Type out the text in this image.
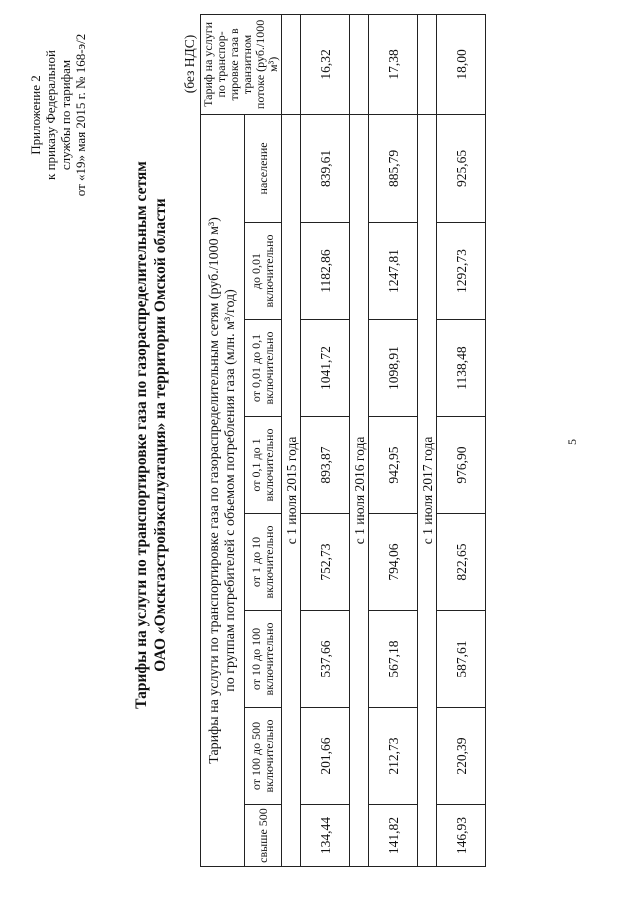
Приложение 2 к приказу Федеральной службы по тарифам от «19» мая 2015 г. № 168-э/2
Тарифы на услуги по транспортировке газа по газораспределительным сетям ОАО «Омскгазстройэксплуатация» на территории Омской области
(без НДС)
Тарифы на услуги по транспортировке газа по газораспределительным сетям (руб./1000 м³) по группам потребителей с объемом потребления газа (млн. м³/год)								Тариф на услуги по транспор-тировке газа в транзитном потоке (руб./1000 м³)
свыше 500	от 100 до 500 включительно	от 10 до 100 включительно	от 1 до 10 включительно	от 0,1 до 1 включительно	от 0,01 до 0,1 включительно	до 0,01 включительно	население	
с 1 июля 2015 года								
134,44	201,66	537,66	752,73	893,87	1041,72	1182,86	839,61	16,32
с 1 июля 2016 года								
141,82	212,73	567,18	794,06	942,95	1098,91	1247,81	885,79	17,38
с 1 июля 2017 года								
146,93	220,39	587,61	822,65	976,90	1138,48	1292,73	925,65	18,00
5
